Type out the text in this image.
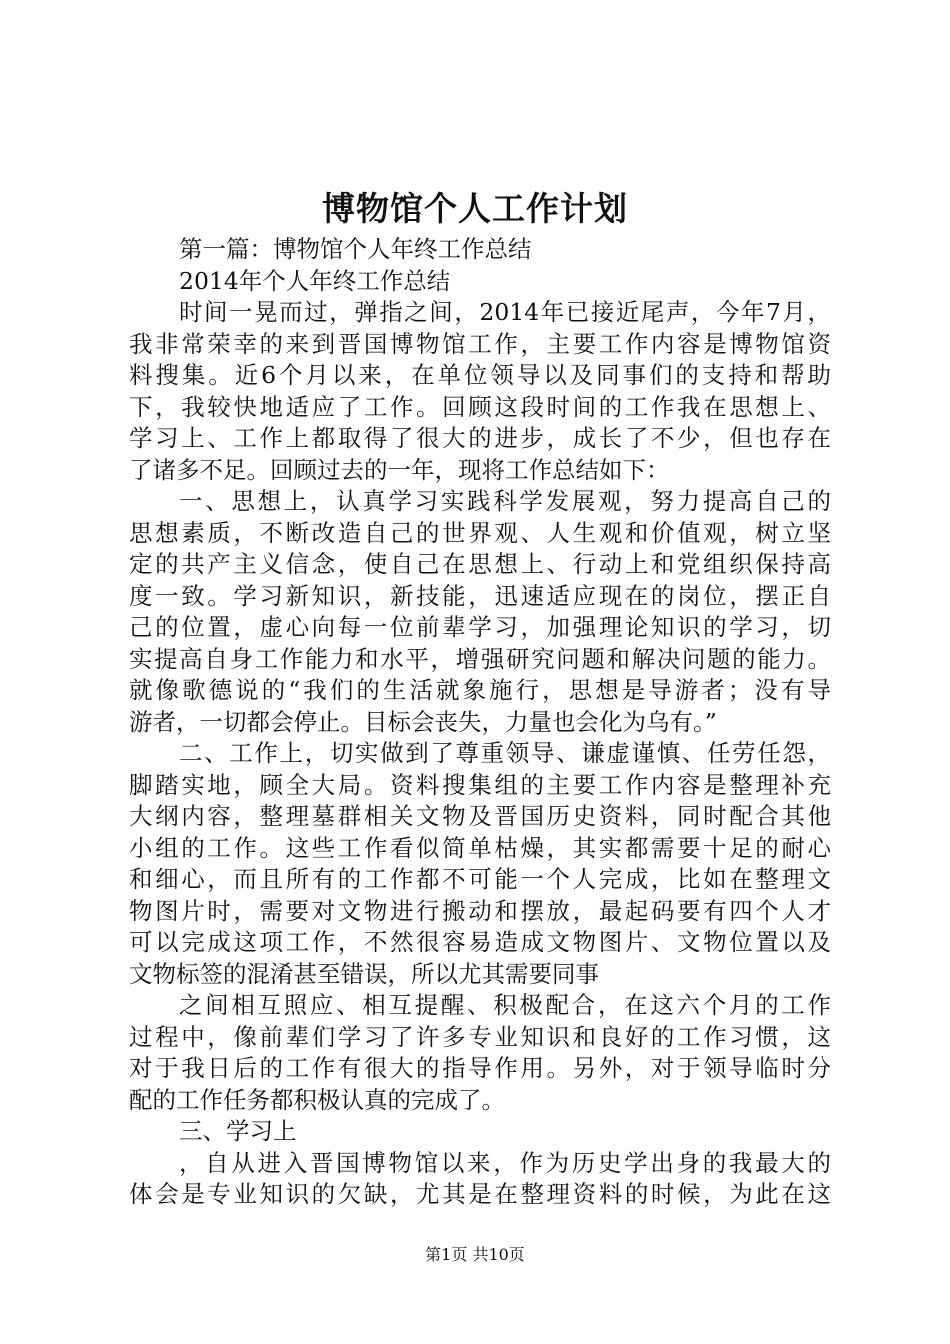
博物馆个人工作计划
第一篇：博物馆个人年终工作总结
2014年个人年终工作总结
时间一晃而过，弹指之间，2014年已接近尾声，今年7月，
我非常荣幸的来到晋国博物馆工作，主要工作内容是博物馆资
料搜集。近6个月以来，在单位领导以及同事们的支持和帮助
下，我较快地适应了工作。回顾这段时间的工作我在思想上、
学习上、工作上都取得了很大的进步，成长了不少，但也存在
了诸多不足。回顾过去的一年，现将工作总结如下：
一、思想上，认真学习实践科学发展观，努力提高自己的
思想素质，不断改造自己的世界观、人生观和价值观，树立坚
定的共产主义信念，使自己在思想上、行动上和党组织保持高
度一致。学习新知识，新技能，迅速适应现在的岗位，摆正自
己的位置，虚心向每一位前辈学习，加强理论知识的学习，切
实提高自身工作能力和水平，增强研究问题和解决问题的能力。
就像歌德说的“我们的生活就象施行，思想是导游者；没有导
游者，一切都会停止。目标会丧失，力量也会化为乌有。”
二、工作上，切实做到了尊重领导、谦虚谨慎、任劳任怨，
脚踏实地，顾全大局。资料搜集组的主要工作内容是整理补充
大纲内容，整理墓群相关文物及晋国历史资料，同时配合其他
小组的工作。这些工作看似简单枯燥，其实都需要十足的耐心
和细心，而且所有的工作都不可能一个人完成，比如在整理文
物图片时，需要对文物进行搬动和摆放，最起码要有四个人才
可以完成这项工作，不然很容易造成文物图片、文物位置以及
文物标签的混淆甚至错误，所以尤其需要同事
之间相互照应、相互提醒、积极配合，在这六个月的工作
过程中，像前辈们学习了许多专业知识和良好的工作习惯，这
对于我日后的工作有很大的指导作用。另外，对于领导临时分
配的工作任务都积极认真的完成了。
三、学习上
，自从进入晋国博物馆以来，作为历史学出身的我最大的
体会是专业知识的欠缺，尤其是在整理资料的时候，为此在这
第1页 共10页
